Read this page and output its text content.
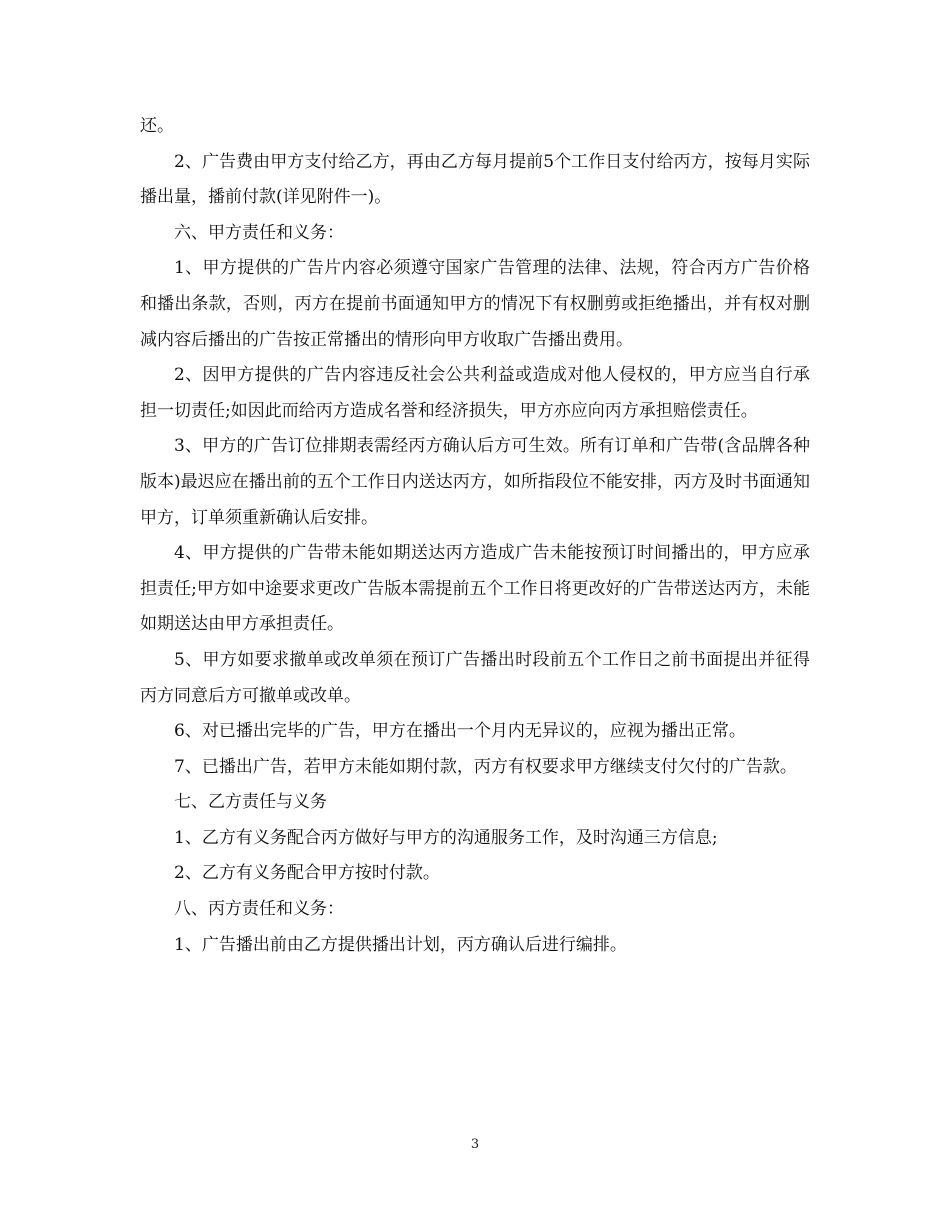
还。

2、广告费由甲方支付给乙方，再由乙方每月提前5个工作日支付给丙方，按每月实际播出量，播前付款(详见附件一)。

六、甲方责任和义务：

1、甲方提供的广告片内容必须遵守国家广告管理的法律、法规，符合丙方广告价格和播出条款，否则，丙方在提前书面通知甲方的情况下有权删剪或拒绝播出，并有权对删减内容后播出的广告按正常播出的情形向甲方收取广告播出费用。

2、因甲方提供的广告内容违反社会公共利益或造成对他人侵权的，甲方应当自行承担一切责任;如因此而给丙方造成名誉和经济损失，甲方亦应向丙方承担赔偿责任。

3、甲方的广告订位排期表需经丙方确认后方可生效。所有订单和广告带(含品牌各种版本)最迟应在播出前的五个工作日内送达丙方，如所指段位不能安排，丙方及时书面通知甲方，订单须重新确认后安排。

4、甲方提供的广告带未能如期送达丙方造成广告未能按预订时间播出的，甲方应承担责任;甲方如中途要求更改广告版本需提前五个工作日将更改好的广告带送达丙方，未能如期送达由甲方承担责任。

5、甲方如要求撤单或改单须在预订广告播出时段前五个工作日之前书面提出并征得丙方同意后方可撤单或改单。

6、对已播出完毕的广告，甲方在播出一个月内无异议的，应视为播出正常。

7、已播出广告，若甲方未能如期付款，丙方有权要求甲方继续支付欠付的广告款。

七、乙方责任与义务

1、乙方有义务配合丙方做好与甲方的沟通服务工作，及时沟通三方信息;

2、乙方有义务配合甲方按时付款。

八、丙方责任和义务：

1、广告播出前由乙方提供播出计划，丙方确认后进行编排。

3
